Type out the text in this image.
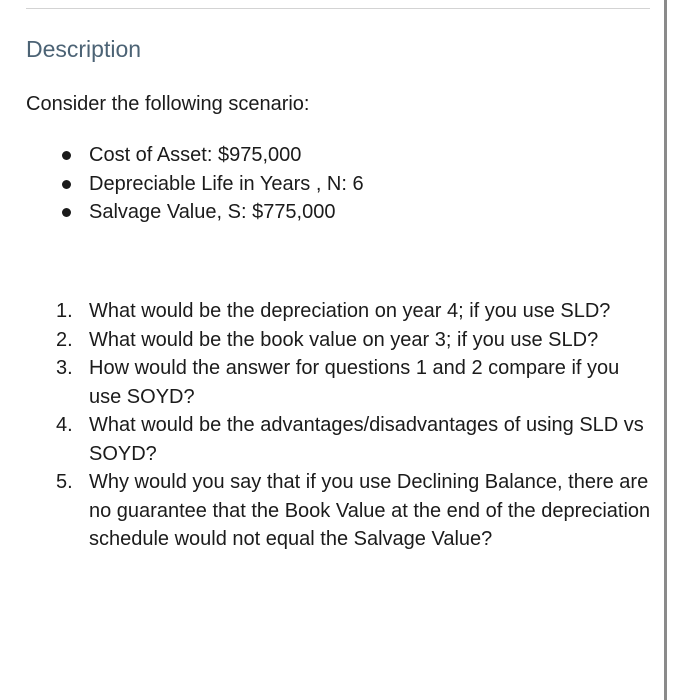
Description

Consider the following scenario:

Cost of Asset: $975,000
Depreciable Life in Years , N: 6
Salvage Value, S: $775,000
1. What would be the depreciation on year 4; if you use SLD?
2. What would be the book value on year 3; if you use SLD?
3. How would the answer for questions 1 and 2 compare if you use SOYD?
4. What would be the advantages/disadvantages of using SLD vs SOYD?
5. Why would you say that if you use Declining Balance, there are no guarantee that the Book Value at the end of the depreciation schedule would not equal the Salvage Value?
